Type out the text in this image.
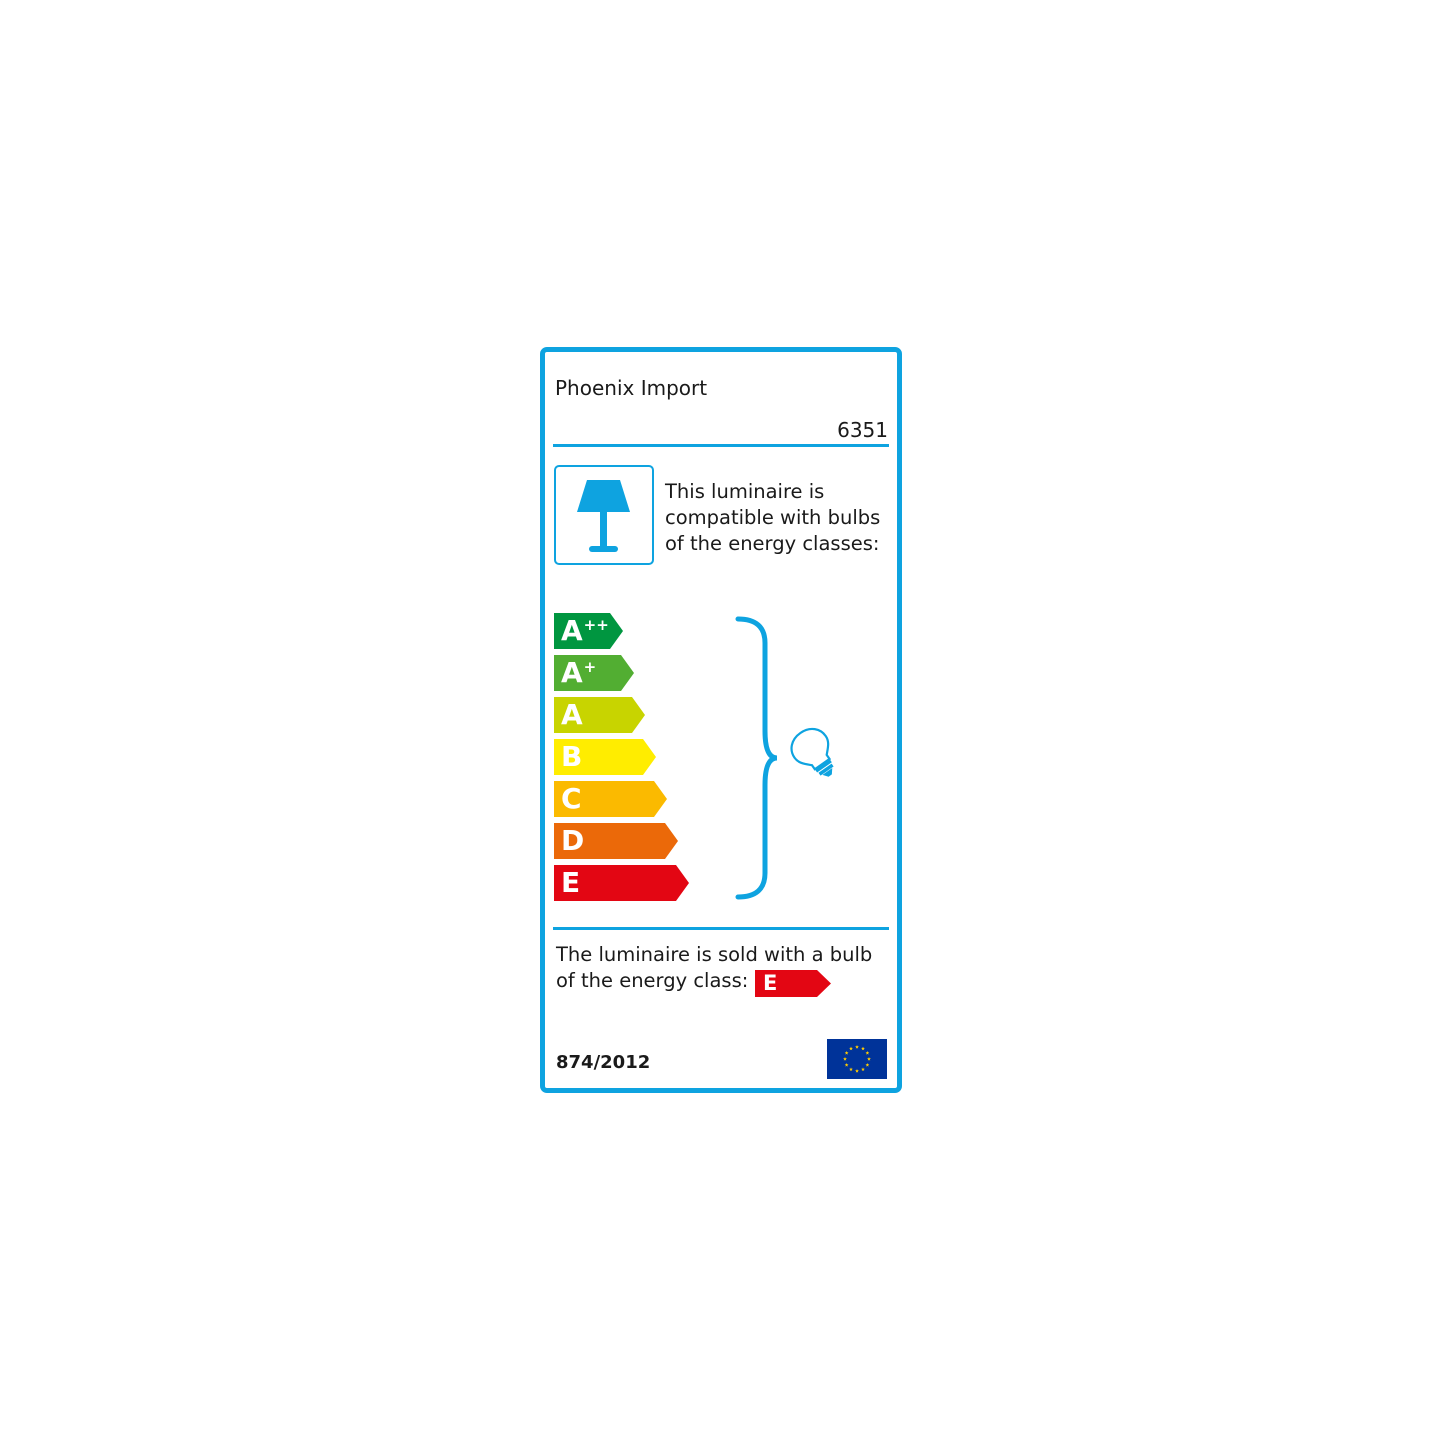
Phoenix Import
6351
This luminaire is
compatible with bulbs
of the energy classes:
A++
A+
A
B
C
D
E
The luminaire is sold with a bulb
of the energy class: E
874/2012
